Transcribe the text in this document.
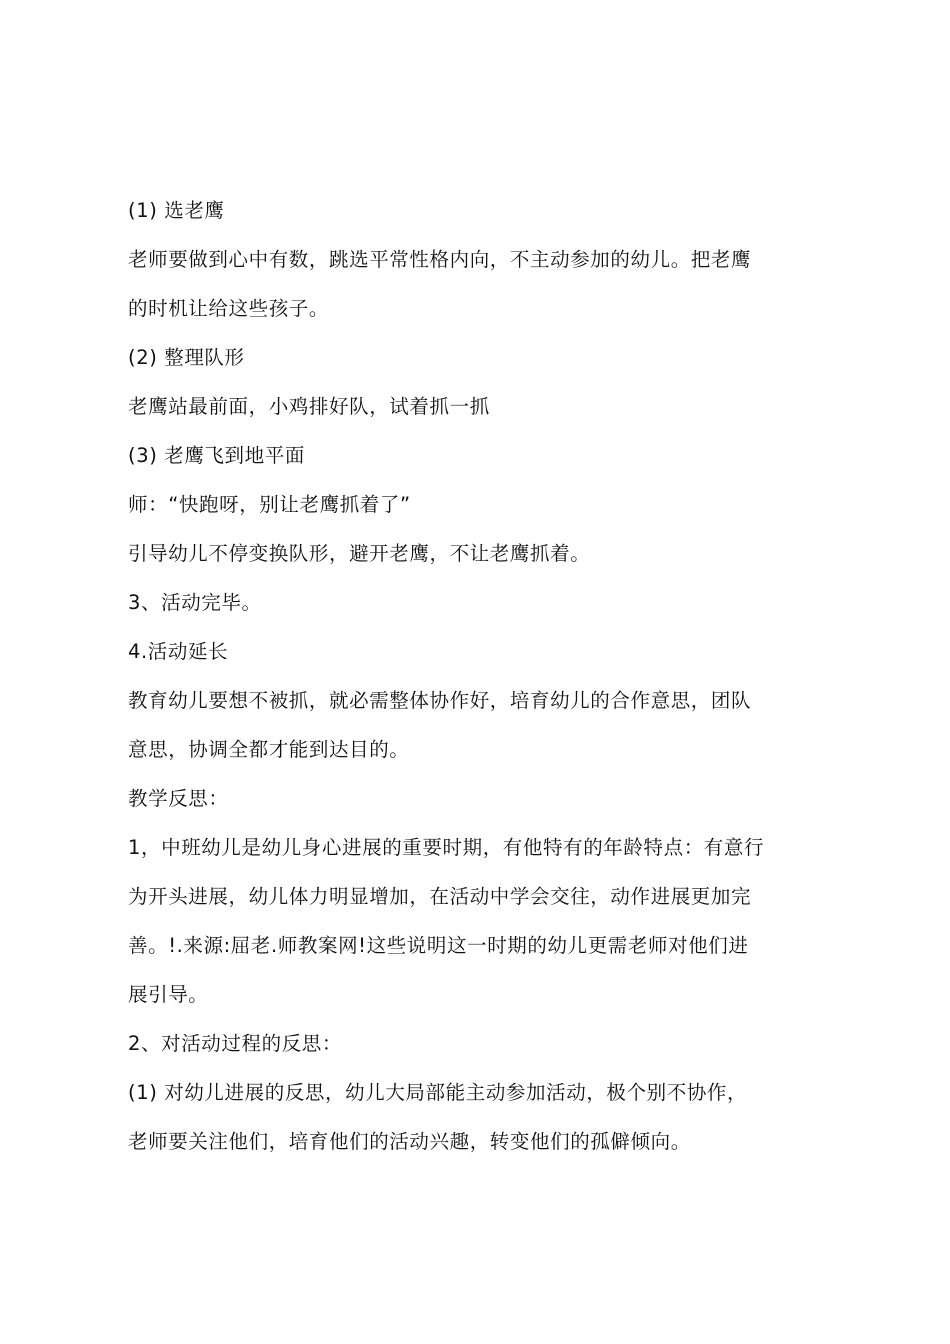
(1) 选老鹰

老师要做到心中有数，跳选平常性格内向，不主动参加的幼儿。把老鹰

的时机让给这些孩子。

(2) 整理队形

老鹰站最前面，小鸡排好队，试着抓一抓

(3) 老鹰飞到地平面

师：“快跑呀，别让老鹰抓着了”

引导幼儿不停变换队形，避开老鹰，不让老鹰抓着。

3、活动完毕。

4.活动延长

教育幼儿要想不被抓，就必需整体协作好，培育幼儿的合作意思，团队

意思，协调全都才能到达目的。

教学反思：

1，中班幼儿是幼儿身心进展的重要时期，有他特有的年龄特点：有意行

为开头进展，幼儿体力明显增加，在活动中学会交往，动作进展更加完

善。!.来源:屈老.师教案网!这些说明这一时期的幼儿更需老师对他们进

展引导。

2、对活动过程的反思：

(1) 对幼儿进展的反思，幼儿大局部能主动参加活动，极个别不协作，

老师要关注他们，培育他们的活动兴趣，转变他们的孤僻倾向。
